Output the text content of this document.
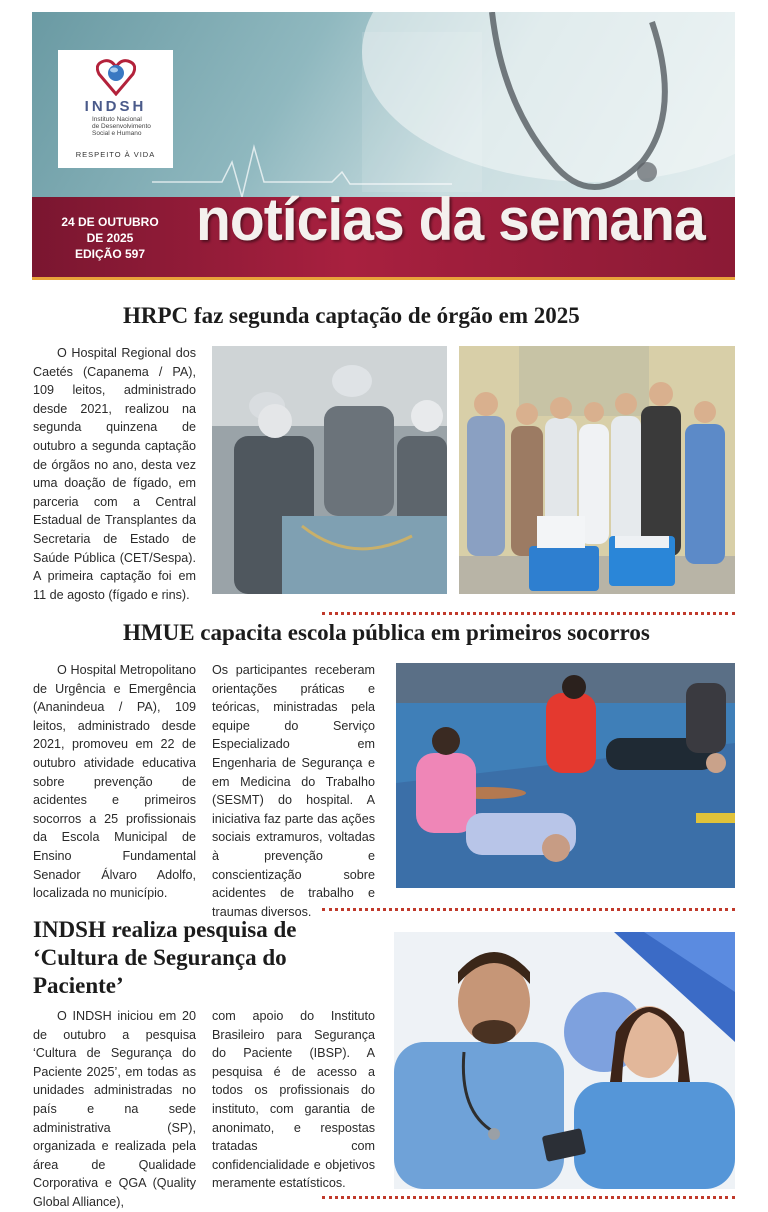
INDSH
Instituto Nacional
de Desenvolvimento
Social e Humano
RESPEITO À VIDA
24 DE OUTUBRO
DE 2025
EDIÇÃO 597
notícias da semana
HRPC faz segunda captação de órgão em 2025
O Hospital Regional dos Caetés (Capanema / PA), 109 leitos, administrado desde 2021, realizou na segunda quinzena de outubro a segunda captação de órgãos no ano, desta vez uma doação de fígado, em parceria com a Central Estadual de Transplantes da Secretaria de Estado de Saúde Pública (CET/Sespa). A primeira captação foi em 11 de agosto (fígado e rins).
HMUE capacita escola pública em primeiros socorros
O Hospital Metropolitano de Urgência e Emergência (Ananindeua / PA), 109 leitos, administrado desde 2021, promoveu em 22 de outubro atividade educativa sobre prevenção de acidentes e primeiros socorros a 25 profissionais da Escola Municipal de Ensino Fundamental Senador Álvaro Adolfo, localizada no município.
Os participantes receberam orientações práticas e teóricas, ministradas pela equipe do Serviço Especializado em Engenharia de Segurança e em Medicina do Trabalho (SESMT) do hospital. A iniciativa faz parte das ações sociais extramuros, voltadas à prevenção e conscientização sobre acidentes de trabalho e traumas diversos.
INDSH realiza pesquisa de
‘Cultura de Segurança do
Paciente’
O INDSH iniciou em 20 de outubro a pesquisa ‘Cultura de Segurança do Paciente 2025’, em todas as unidades administradas no país e na sede administrativa (SP), organizada e realizada pela área de Qualidade Corporativa e QGA (Quality Global Alliance),
com apoio do Instituto Brasileiro para Segurança do Paciente (IBSP). A pesquisa é de acesso a todos os profissionais do instituto, com garantia de anonimato, e respostas tratadas com confidencialidade e objetivos meramente estatísticos.
